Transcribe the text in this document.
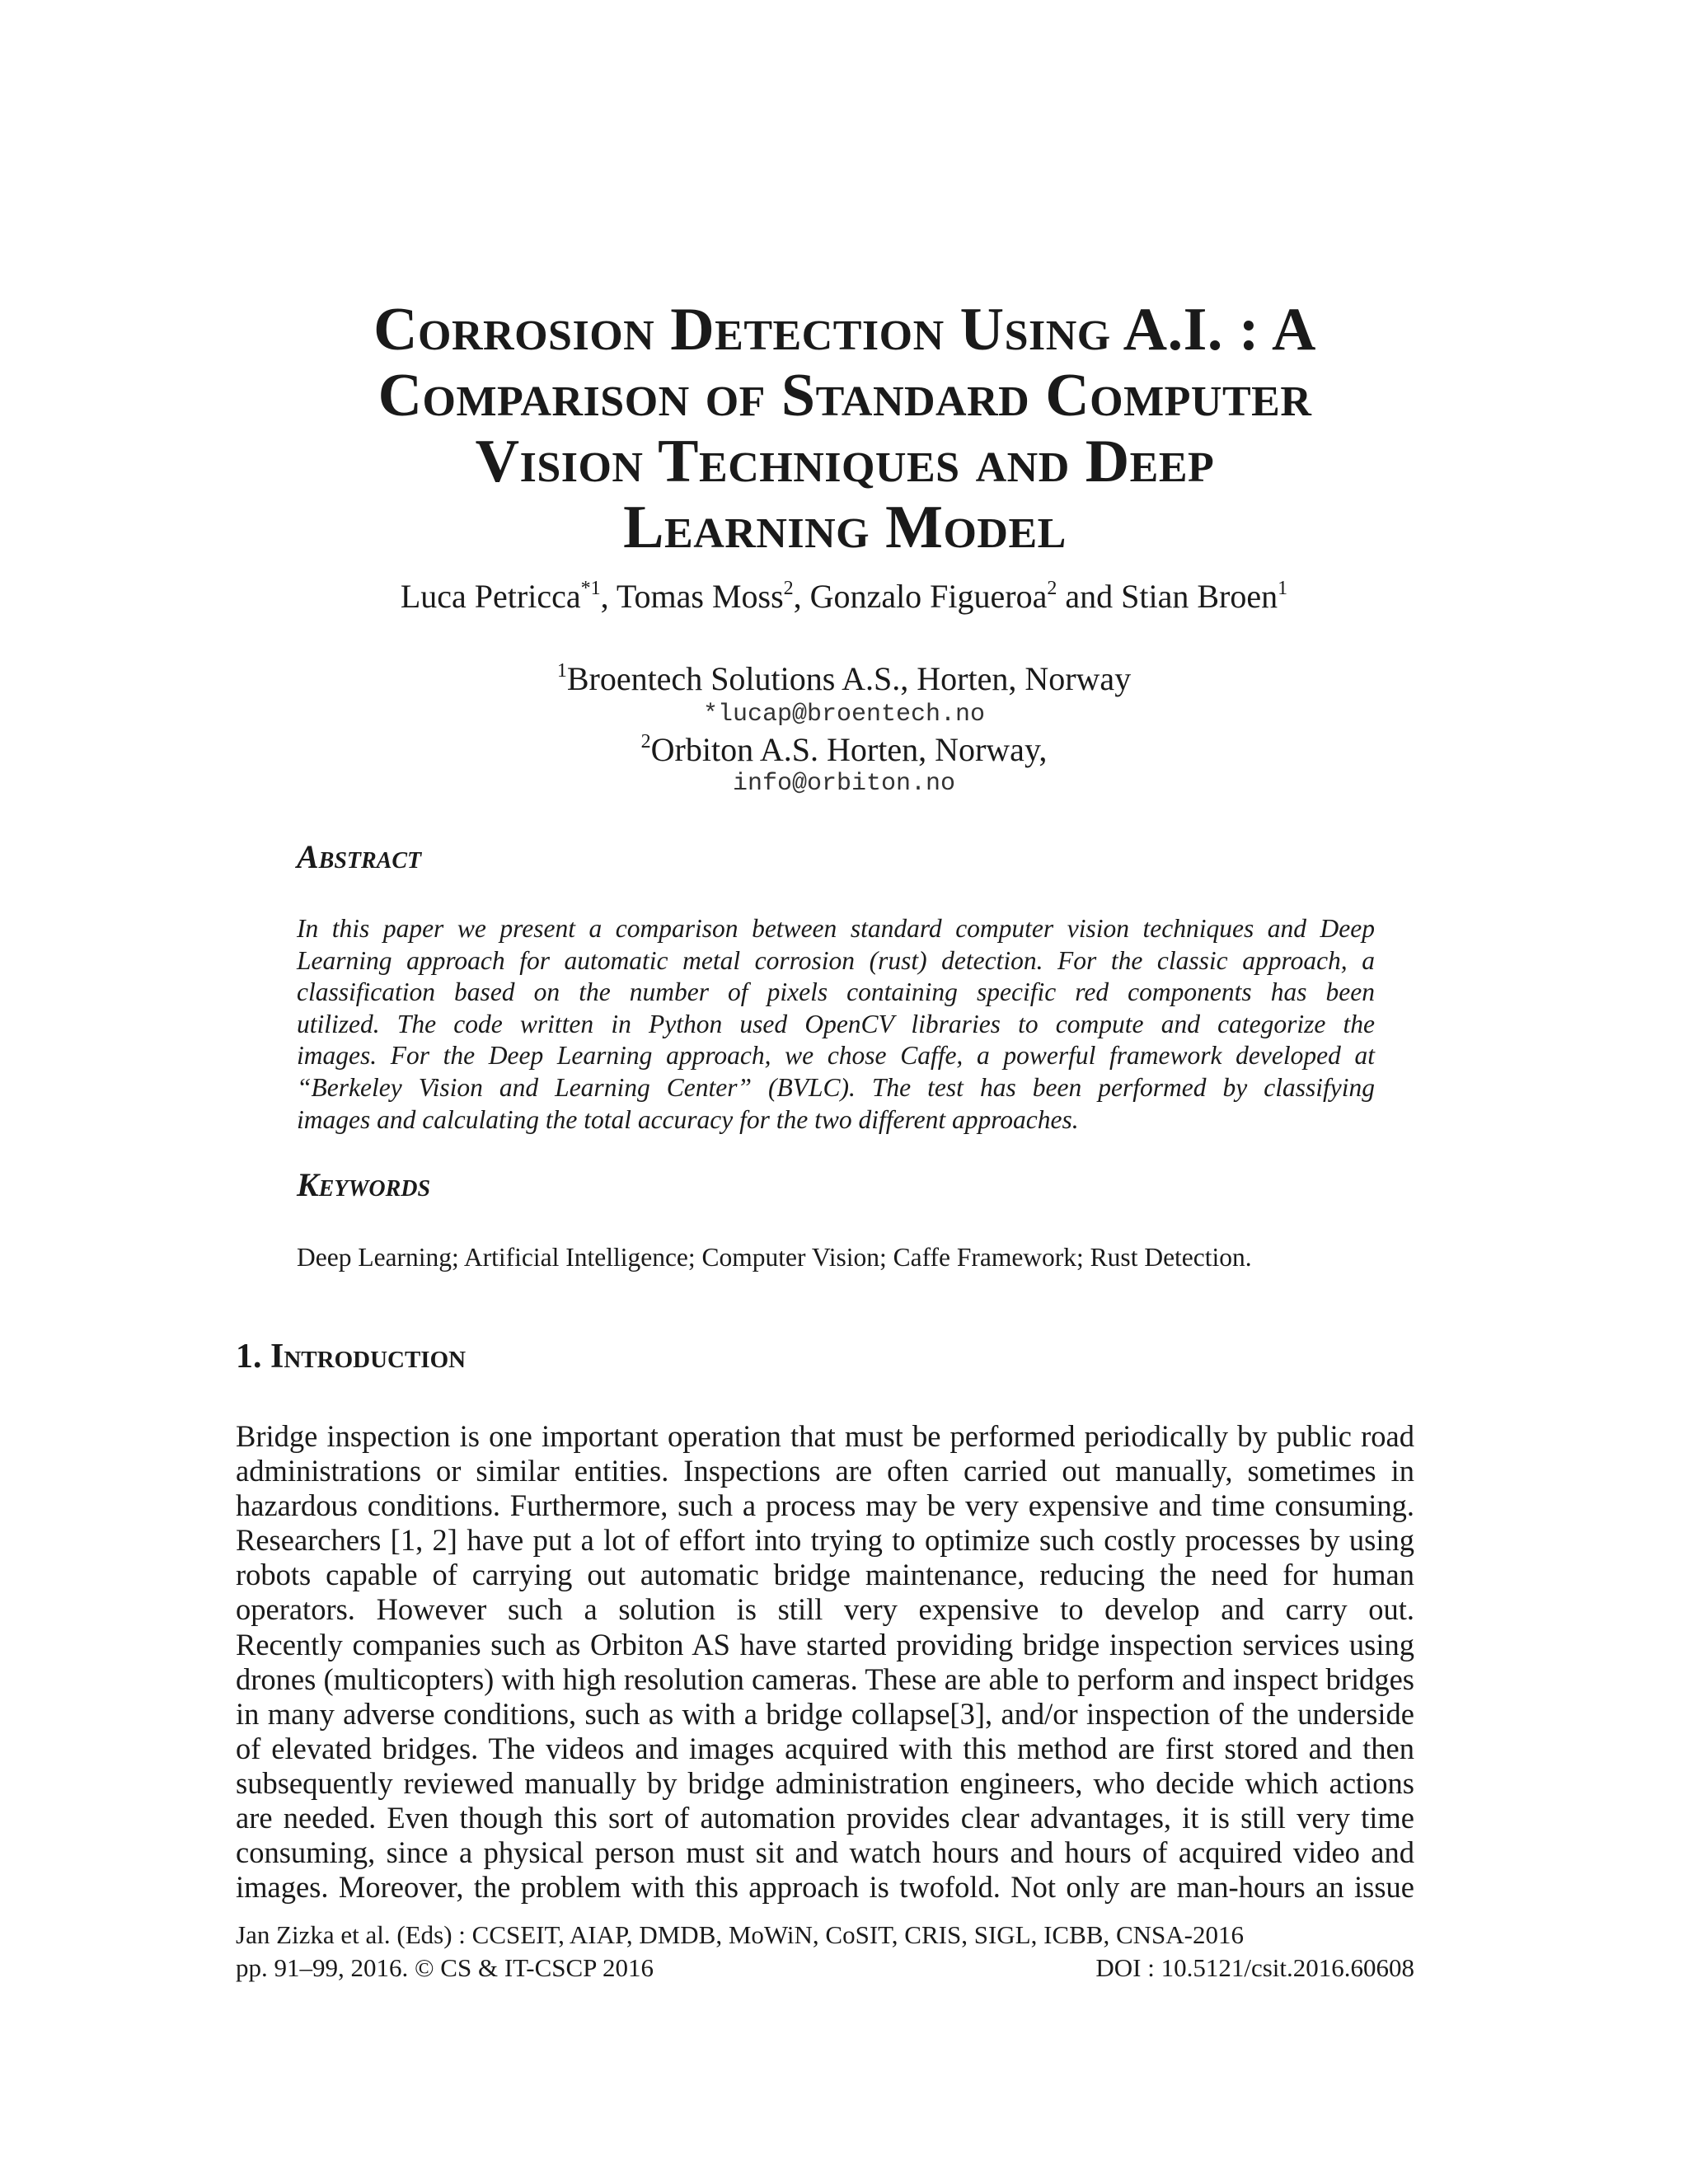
Corrosion Detection Using A.I. : A
Comparison of Standard Computer
Vision Techniques and Deep
Learning Model
Luca Petricca$^{*1}$, Tomas Moss$^2$, Gonzalo Figueroa$^2$ and Stian Broen$^1$
$^1$Broentech Solutions A.S., Horten, Norway
*lucap@broentech.no
$^2$Orbiton A.S. Horten, Norway,
info@orbiton.no
Abstract
In this paper we present a comparison between standard computer vision techniques and Deep
Learning approach for automatic metal corrosion (rust) detection. For the classic approach, a
classification based on the number of pixels containing specific red components has been
utilized. The code written in Python used OpenCV libraries to compute and categorize the
images. For the Deep Learning approach, we chose Caffe, a powerful framework developed at
“Berkeley Vision and Learning Center” (BVLC). The test has been performed by classifying
images and calculating the total accuracy for the two different approaches.
Keywords
Deep Learning; Artificial Intelligence; Computer Vision; Caffe Framework; Rust Detection.
1. Introduction
Bridge inspection is one important operation that must be performed periodically by public road
administrations or similar entities. Inspections are often carried out manually, sometimes in
hazardous conditions. Furthermore, such a process may be very expensive and time consuming.
Researchers [1, 2] have put a lot of effort into trying to optimize such costly processes by using
robots capable of carrying out automatic bridge maintenance, reducing the need for human
operators. However such a solution is still very expensive to develop and carry out.
Recently companies such as Orbiton AS have started providing bridge inspection services using
drones (multicopters) with high resolution cameras. These are able to perform and inspect bridges
in many adverse conditions, such as with a bridge collapse[3], and/or inspection of the underside
of elevated bridges. The videos and images acquired with this method are first stored and then
subsequently reviewed manually by bridge administration engineers, who decide which actions
are needed. Even though this sort of automation provides clear advantages, it is still very time
consuming, since a physical person must sit and watch hours and hours of acquired video and
images. Moreover, the problem with this approach is twofold. Not only are man-hours an issue
Jan Zizka et al. (Eds) : CCSEIT, AIAP, DMDB, MoWiN, CoSIT, CRIS, SIGL, ICBB, CNSA-2016
pp. 91–99, 2016. © CS & IT-CSCP 2016	DOI : 10.5121/csit.2016.60608
